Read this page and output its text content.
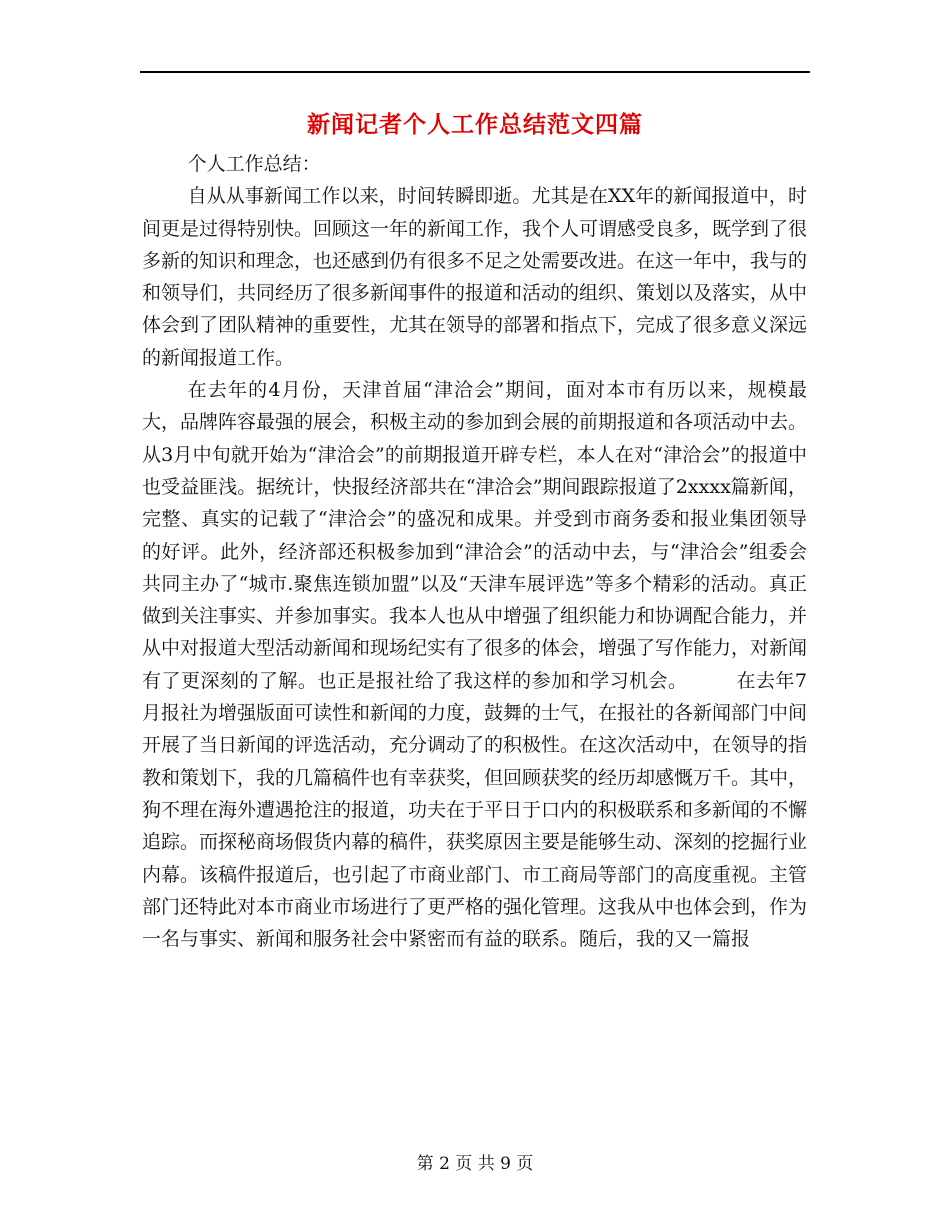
新闻记者个人工作总结范文四篇

个人工作总结：

自从从事新闻工作以来，时间转瞬即逝。尤其是在XX年的新闻报道中，时间更是过得特别快。回顾这一年的新闻工作，我个人可谓感受良多，既学到了很多新的知识和理念，也还感到仍有很多不足之处需要改进。在这一年中，我与的和领导们，共同经历了很多新闻事件的报道和活动的组织、策划以及落实，从中体会到了团队精神的重要性，尤其在领导的部署和指点下，完成了很多意义深远的新闻报道工作。

在去年的4月份，天津首届“津洽会”期间，面对本市有历以来，规模最大，品牌阵容最强的展会，积极主动的参加到会展的前期报道和各项活动中去。从3月中旬就开始为“津洽会”的前期报道开辟专栏，本人在对“津洽会”的报道中也受益匪浅。据统计，快报经济部共在“津洽会”期间跟踪报道了2xxxx篇新闻，完整、真实的记载了“津洽会”的盛况和成果。并受到市商务委和报业集团领导的好评。此外，经济部还积极参加到“津洽会”的活动中去，与“津洽会”组委会共同主办了“城市.聚焦连锁加盟”以及“天津车展评选”等多个精彩的活动。真正做到关注事实、并参加事实。我本人也从中增强了组织能力和协调配合能力，并从中对报道大型活动新闻和现场纪实有了很多的体会，增强了写作能力，对新闻有了更深刻的了解。也正是报社给了我这样的参加和学习机会。　　　在去年7月报社为增强版面可读性和新闻的力度，鼓舞的士气，在报社的各新闻部门中间开展了当日新闻的评选活动，充分调动了的积极性。在这次活动中，在领导的指教和策划下，我的几篇稿件也有幸获奖，但回顾获奖的经历却感慨万千。其中，狗不理在海外遭遇抢注的报道，功夫在于平日于口内的积极联系和多新闻的不懈追踪。而探秘商场假货内幕的稿件，获奖原因主要是能够生动、深刻的挖掘行业内幕。该稿件报道后，也引起了市商业部门、市工商局等部门的高度重视。主管部门还特此对本市商业市场进行了更严格的强化管理。这我从中也体会到，作为一名与事实、新闻和服务社会中紧密而有益的联系。随后，我的又一篇报

第 2 页 共 9 页
